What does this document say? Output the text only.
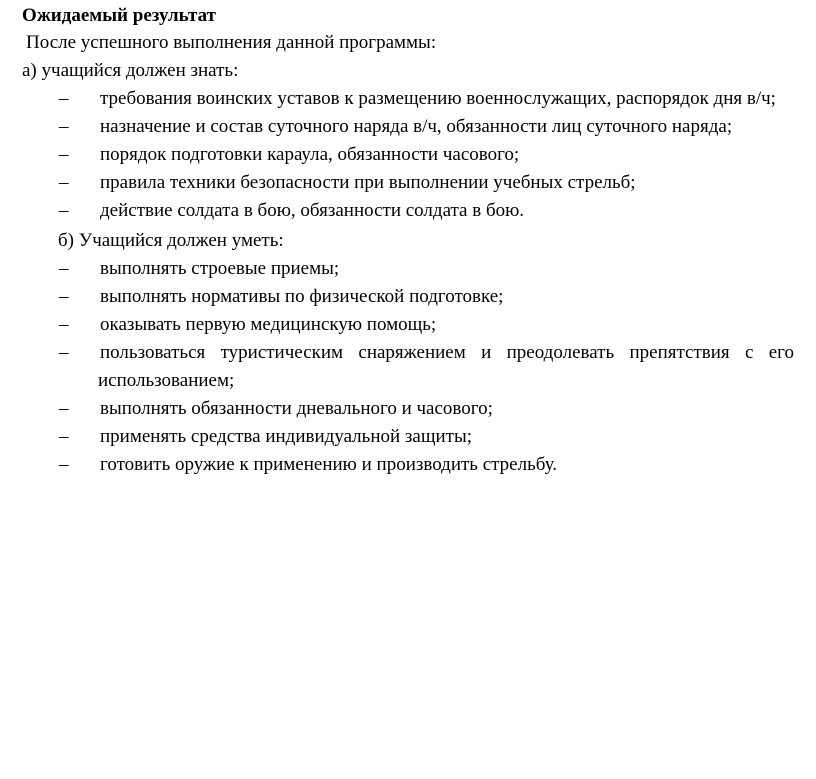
Ожидаемый результат
После успешного выполнения данной программы:
а) учащийся должен знать:
– требования воинских уставов к размещению военнослужащих, распорядок дня в/ч;
– назначение и состав суточного наряда в/ч, обязанности лиц суточного наряда;
– порядок подготовки караула, обязанности часового;
– правила техники безопасности при выполнении учебных стрельб;
– действие солдата в бою, обязанности солдата в бою.
б) Учащийся должен уметь:
– выполнять строевые приемы;
– выполнять нормативы по физической подготовке;
– оказывать первую медицинскую помощь;
– пользоваться туристическим снаряжением и преодолевать препятствия с его
использованием;
– выполнять обязанности дневального и часового;
– применять средства индивидуальной защиты;
– готовить оружие к применению и производить стрельбу.
